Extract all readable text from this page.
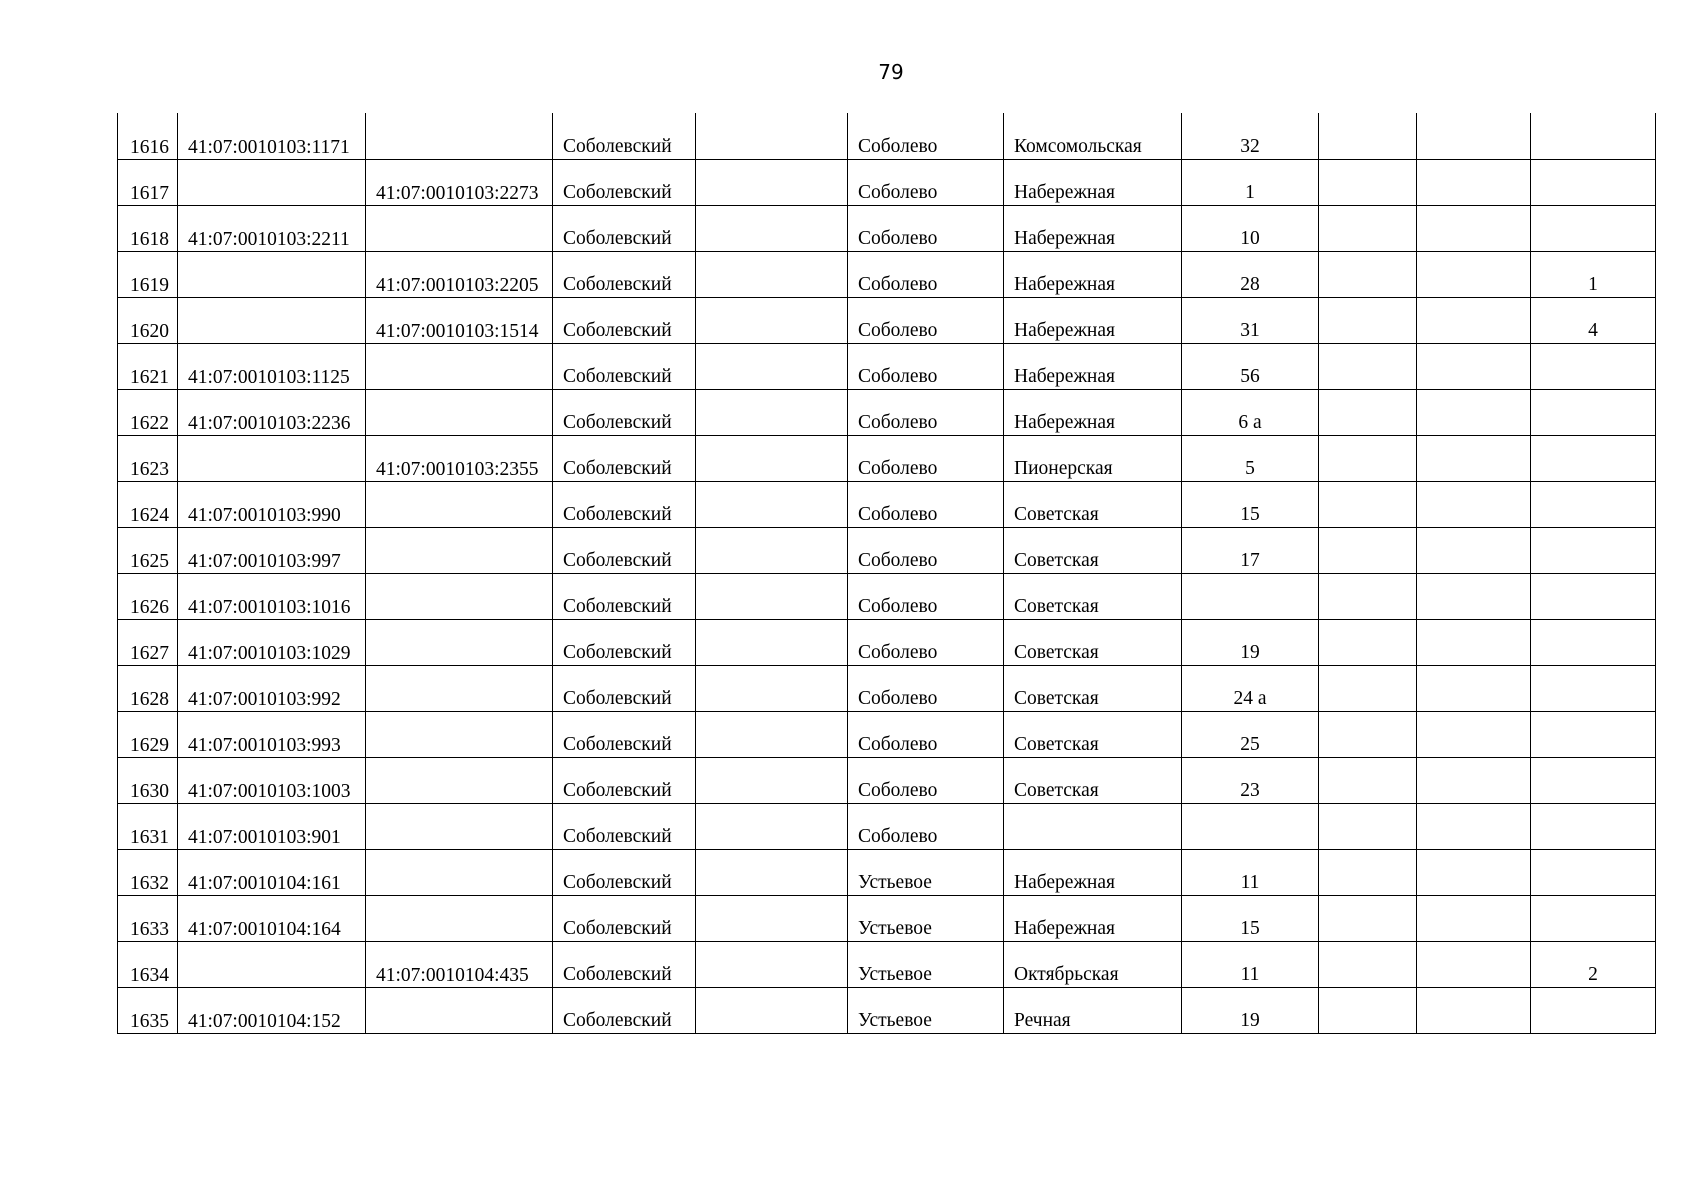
79
1616	41:07:0010103:1171		Соболевский		Соболево	Комсомольская	32			
1617		41:07:0010103:2273	Соболевский		Соболево	Набережная	1			
1618	41:07:0010103:2211		Соболевский		Соболево	Набережная	10			
1619		41:07:0010103:2205	Соболевский		Соболево	Набережная	28			1
1620		41:07:0010103:1514	Соболевский		Соболево	Набережная	31			4
1621	41:07:0010103:1125		Соболевский		Соболево	Набережная	56			
1622	41:07:0010103:2236		Соболевский		Соболево	Набережная	6 а			
1623		41:07:0010103:2355	Соболевский		Соболево	Пионерская	5			
1624	41:07:0010103:990		Соболевский		Соболево	Советская	15			
1625	41:07:0010103:997		Соболевский		Соболево	Советская	17			
1626	41:07:0010103:1016		Соболевский		Соболево	Советская				
1627	41:07:0010103:1029		Соболевский		Соболево	Советская	19			
1628	41:07:0010103:992		Соболевский		Соболево	Советская	24 а			
1629	41:07:0010103:993		Соболевский		Соболево	Советская	25			
1630	41:07:0010103:1003		Соболевский		Соболево	Советская	23			
1631	41:07:0010103:901		Соболевский		Соболево					
1632	41:07:0010104:161		Соболевский		Устьевое	Набережная	11			
1633	41:07:0010104:164		Соболевский		Устьевое	Набережная	15			
1634		41:07:0010104:435	Соболевский		Устьевое	Октябрьская	11			2
1635	41:07:0010104:152		Соболевский		Устьевое	Речная	19			
